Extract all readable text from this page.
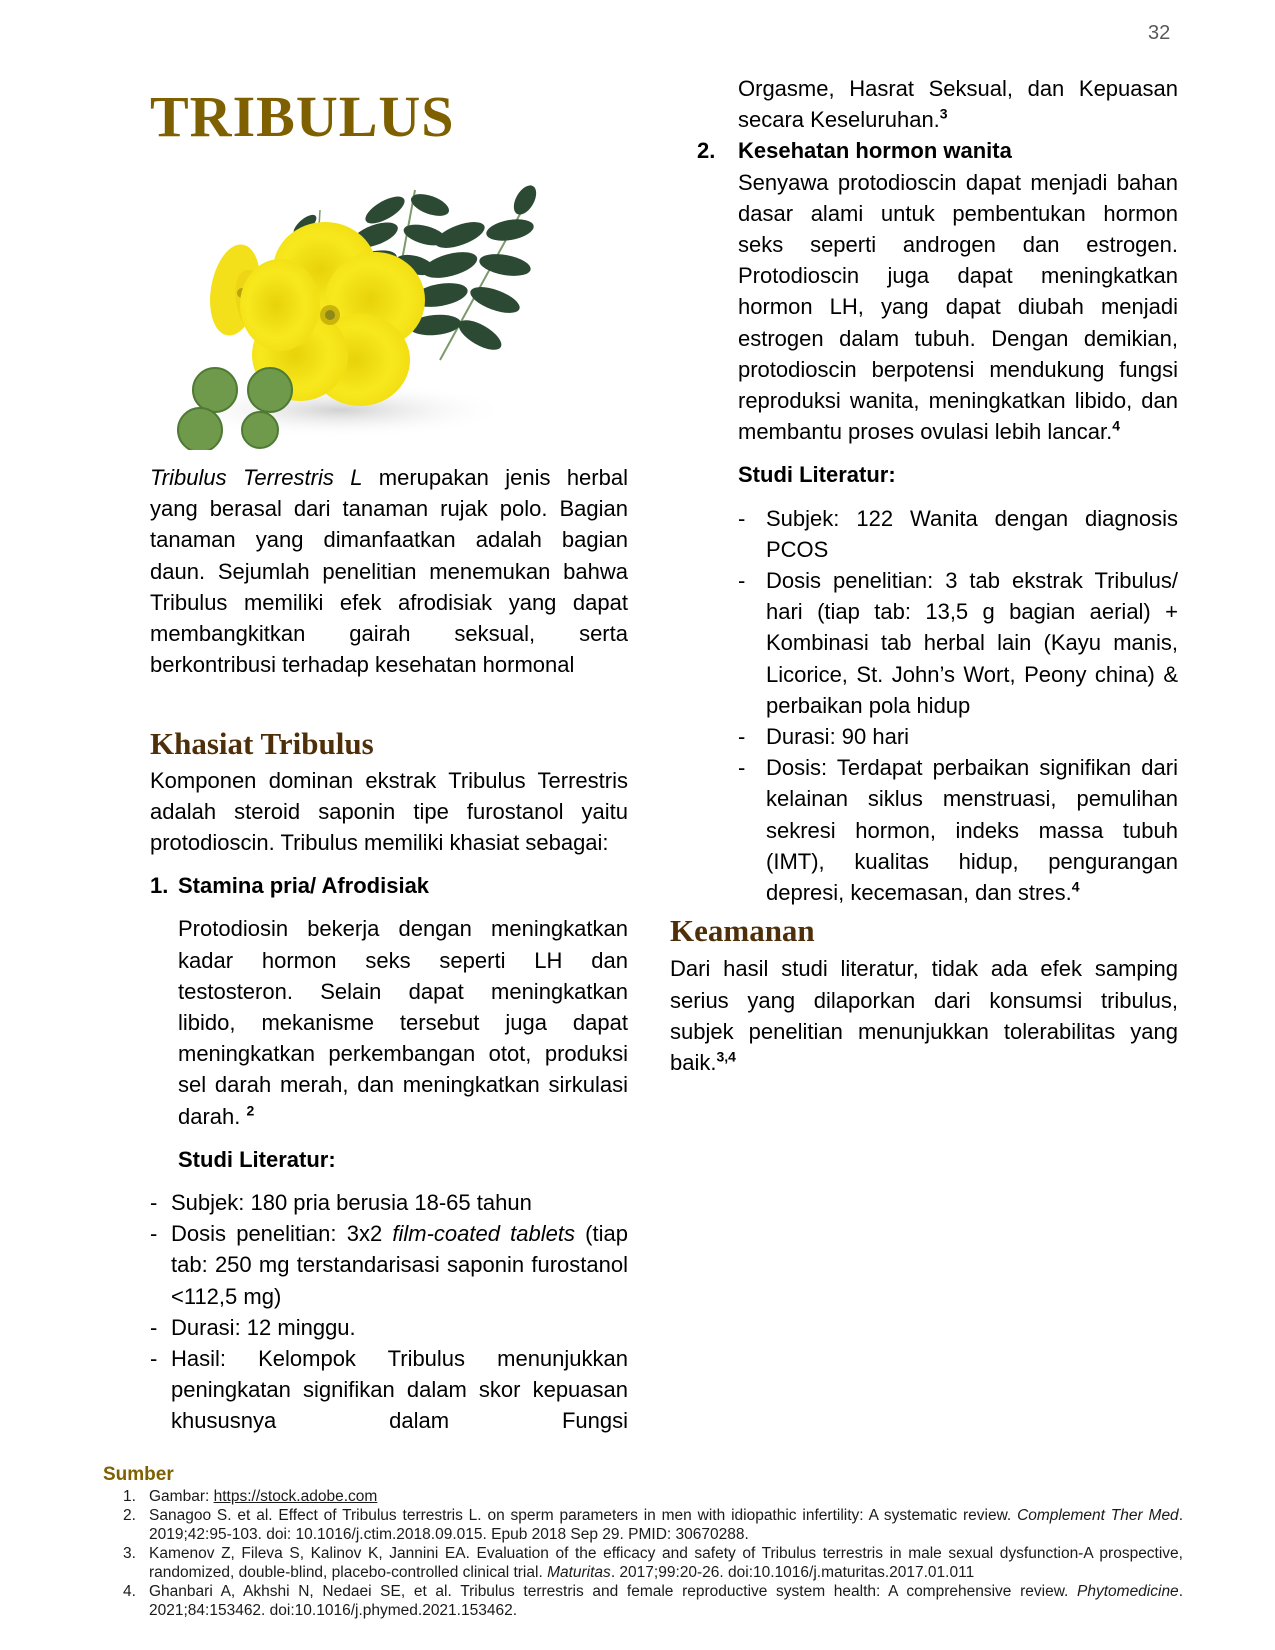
32
TRIBULUS

Tribulus Terrestris L merupakan jenis herbal yang berasal dari tanaman rujak polo. Bagian tanaman yang dimanfaatkan adalah bagian daun. Sejumlah penelitian menemukan bahwa Tribulus memiliki efek afrodisiak yang dapat membangkitkan gairah seksual, serta berkontribusi terhadap kesehatan hormonal

Khasiat Tribulus

Komponen dominan ekstrak Tribulus Terrestris adalah steroid saponin tipe furostanol yaitu protodioscin. Tribulus memiliki khasiat sebagai:

1. Stamina pria/ Afrodisiak

Protodiosin bekerja dengan meningkatkan kadar hormon seks seperti LH dan testosteron. Selain dapat meningkatkan libido, mekanisme tersebut juga dapat meningkatkan perkembangan otot, produksi sel darah merah, dan meningkatkan sirkulasi darah. $^2$

Studi Literatur:
- Subjek: 180 pria berusia 18-65 tahun
- Dosis penelitian: 3x2 film-coated tablets (tiap tab: 250 mg terstandarisasi saponin furostanol <112,5 mg)
- Durasi: 12 minggu.
- Hasil: Kelompok Tribulus menunjukkan peningkatan signifikan dalam skor kepuasan khususnya dalam Fungsi

Orgasme, Hasrat Seksual, dan Kepuasan secara Keseluruhan.$^3$

2.	Kesehatan hormon wanita

Senyawa protodioscin dapat menjadi bahan dasar alami untuk pembentukan hormon seks seperti androgen dan estrogen. Protodioscin juga dapat meningkatkan hormon LH, yang dapat diubah menjadi estrogen dalam tubuh. Dengan demikian, protodioscin berpotensi mendukung fungsi reproduksi wanita, meningkatkan libido, dan membantu proses ovulasi lebih lancar.$^4$

Studi Literatur:
- Subjek: 122 Wanita dengan diagnosis PCOS
- Dosis penelitian: 3 tab ekstrak Tribulus/ hari (tiap tab: 13,5 g bagian aerial) + Kombinasi tab herbal lain (Kayu manis, Licorice, St. John’s Wort, Peony china) & perbaikan pola hidup
- Durasi: 90 hari
- Dosis: Terdapat perbaikan signifikan dari kelainan siklus menstruasi, pemulihan sekresi hormon, indeks massa tubuh (IMT), kualitas hidup, pengurangan depresi, kecemasan, dan stres.$^4$
Keamanan

Dari hasil studi literatur, tidak ada efek samping serius yang dilaporkan dari konsumsi tribulus, subjek penelitian menunjukkan tolerabilitas yang baik.$^{3,4}$

Sumber
1. Gambar: https://stock.adobe.com
2. Sanagoo S. et al. Effect of Tribulus terrestris L. on sperm parameters in men with idiopathic infertility: A systematic review. Complement Ther Med. 2019;42:95-103. doi: 10.1016/j.ctim.2018.09.015. Epub 2018 Sep 29. PMID: 30670288.
3. Kamenov Z, Fileva S, Kalinov K, Jannini EA. Evaluation of the efficacy and safety of Tribulus terrestris in male sexual dysfunction-A prospective, randomized, double-blind, placebo-controlled clinical trial. Maturitas. 2017;99:20-26. doi:10.1016/j.maturitas.2017.01.011
4. Ghanbari A, Akhshi N, Nedaei SE, et al. Tribulus terrestris and female reproductive system health: A comprehensive review. Phytomedicine. 2021;84:153462. doi:10.1016/j.phymed.2021.153462.
